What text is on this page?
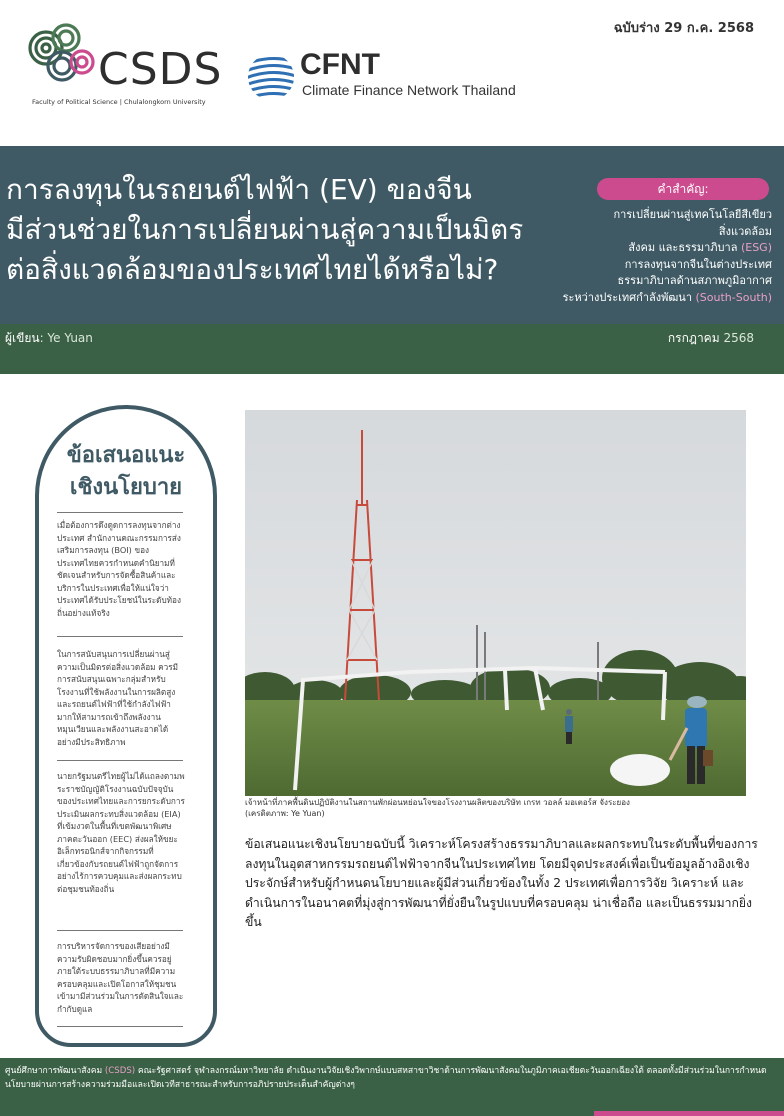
ฉบับร่าง 29 ก.ค. 2568
CSDS
Faculty of Political Science | Chulalongkorn University
CFNT
Climate Finance Network Thailand
การลงทุนในรถยนต์ไฟฟ้า (EV) ของจีน
มีส่วนช่วยในการเปลี่ยนผ่านสู่ความเป็นมิตร
ต่อสิ่งแวดล้อมของประเทศไทยได้หรือไม่?
คำสำคัญ:
การเปลี่ยนผ่านสู่เทคโนโลยีสีเขียว
สิ่งแวดล้อม
สังคม และธรรมาภิบาล (ESG)
การลงทุนจากจีนในต่างประเทศ
ธรรมาภิบาลด้านสภาพภูมิอากาศ
ระหว่างประเทศกำลังพัฒนา (South-South)
ผู้เขียน: Ye Yuan	กรกฎาคม 2568
ข้อเสนอแนะ
เชิงนโยบาย
เมื่อต้องการดึงดูดการลงทุนจากต่างประเทศ สำนักงานคณะกรรมการส่งเสริมการลงทุน (BOI) ของประเทศไทยควรกำหนดคำนิยามที่ชัดเจนสำหรับการจัดซื้อสินค้าและบริการในประเทศเพื่อให้แน่ใจว่าประเทศได้รับประโยชน์ในระดับท้องถิ่นอย่างแท้จริง
ในการสนับสนุนการเปลี่ยนผ่านสู่ความเป็นมิตรต่อสิ่งแวดล้อม ควรมีการสนับสนุนเฉพาะกลุ่มสำหรับโรงงานที่ใช้พลังงานในการผลิตสูงและรถยนต์ไฟฟ้าที่ใช้กำลังไฟฟ้ามากให้สามารถเข้าถึงพลังงานหมุนเวียนและพลังงานสะอาดได้อย่างมีประสิทธิภาพ
นายกรัฐมนตรีไทยผู้ไม่ได้แถลงตามพระราชบัญญัติโรงงานฉบับปัจจุบันของประเทศไทยและการยกระดับการประเมินผลกระทบสิ่งแวดล้อม (EIA) ที่เข้มงวดในพื้นที่เขตพัฒนาพิเศษภาคตะวันออก (EEC) ส่งผลให้ขยะอิเล็กทรอนิกส์จากกิจกรรมที่เกี่ยวข้องกับรถยนต์ไฟฟ้าถูกจัดการอย่างไร้การควบคุมและส่งผลกระทบต่อชุมชนท้องถิ่น
การบริหารจัดการของเสียอย่างมีความรับผิดชอบมากยิ่งขึ้นควรอยู่ภายใต้ระบบธรรมาภิบาลที่มีความครอบคลุมและเปิดโอกาสให้ชุมชนเข้ามามีส่วนร่วมในการตัดสินใจและกำกับดูแล
เจ้าหน้าที่ภาคพื้นดินปฏิบัติงานในสถานพักผ่อนหย่อนใจของโรงงานผลิตของบริษัท เกรท วอลล์ มอเตอร์ส จังระยอง
(เครดิตภาพ: Ye Yuan)
ข้อเสนอแนะเชิงนโยบายฉบับนี้ วิเคราะห์โครงสร้างธรรมาภิบาลและผลกระทบในระดับพื้นที่ของการลงทุนในอุตสาหกรรมรถยนต์ไฟฟ้าจากจีนในประเทศไทย โดยมีจุดประสงค์เพื่อเป็นข้อมูลอ้างอิงเชิงประจักษ์สำหรับผู้กำหนดนโยบายและผู้มีส่วนเกี่ยวข้องในทั้ง 2 ประเทศเพื่อการวิจัย วิเคราะห์ และดำเนินการในอนาคตที่มุ่งสู่การพัฒนาที่ยั่งยืนในรูปแบบที่ครอบคลุม น่าเชื่อถือ และเป็นธรรมมากยิ่งขึ้น
ศูนย์ศึกษาการพัฒนาสังคม (CSDS) คณะรัฐศาสตร์ จุฬาลงกรณ์มหาวิทยาลัย ดำเนินงานวิจัยเชิงวิพากษ์แบบสหสาขาวิชาด้านการพัฒนาสังคมในภูมิภาคเอเชียตะวันออกเฉียงใต้ ตลอดทั้งมีส่วนร่วมในการกำหนดนโยบายผ่านการสร้างความร่วมมือและเปิดเวทีสาธารณะสำหรับการอภิปรายประเด็นสำคัญต่างๆ
